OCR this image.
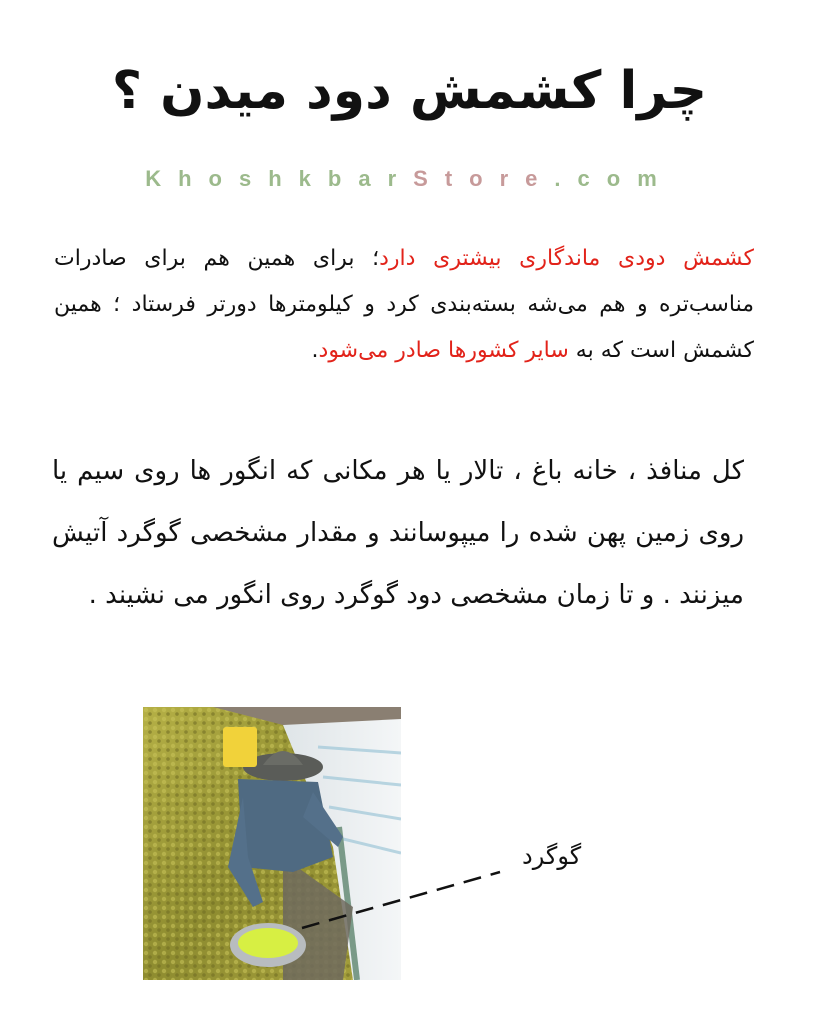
چرا کشمش دود میدن ؟
KhoshkbarStore.com

کشمش دودی ماندگاری بیشتری دارد؛ برای همین هم برای صادرات مناسب‌تره و هم می‌شه بسته‌بندی کرد و کیلومترها دورتر فرستاد ؛ همین کشمش است که به سایر کشورها صادر می‌شود.

کل منافذ ، خانه باغ ، تالار یا هر مکانی که انگور ها روی سیم یا روی زمین پهن شده را میپوسانند و مقدار مشخصی گوگرد آتیش میزنند . و تا زمان مشخصی دود گوگرد روی انگور می نشیند .

گوگرد
